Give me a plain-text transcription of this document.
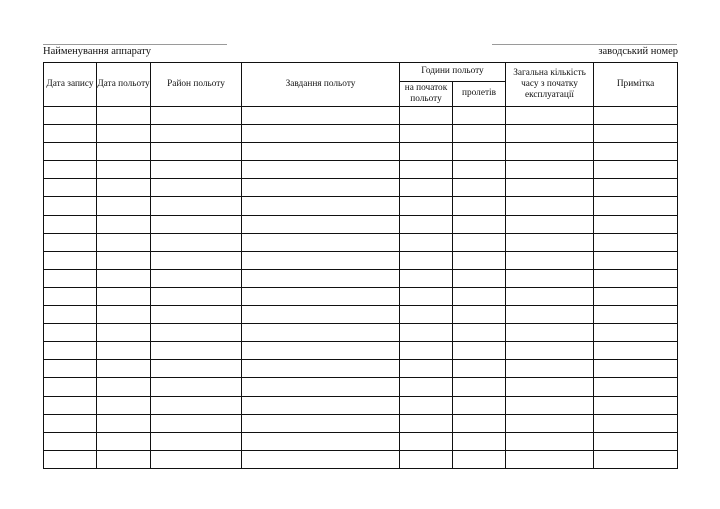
Найменування аппарату	заводський номер
Дата запису	Дата польоту	Район польоту	Завдання польоту	Години польоту		Загальна кількість часу з початку експлуатації	Примітка
				на початок польоту	пролетів		
